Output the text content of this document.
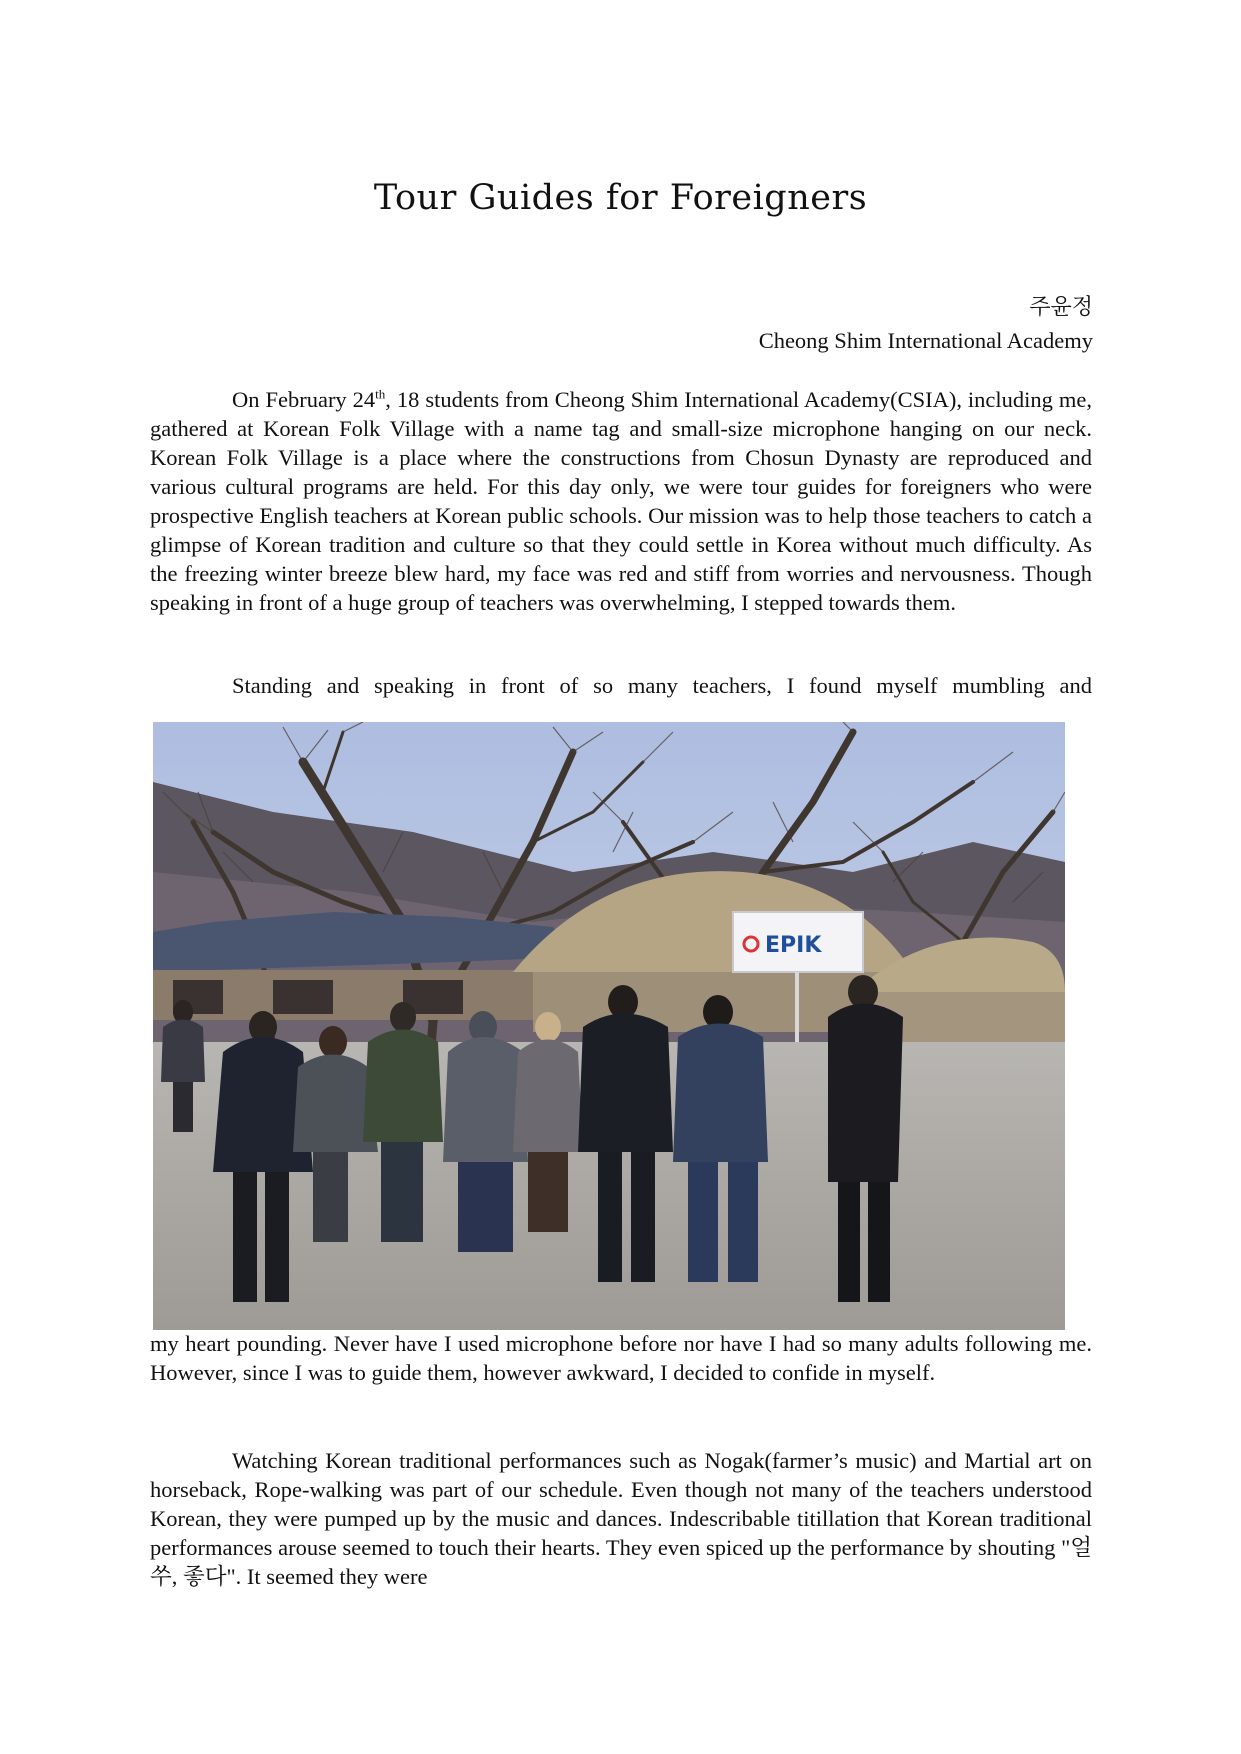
Tour Guides for Foreigners
주윤정
Cheong Shim International Academy

On February 24th, 18 students from Cheong Shim International Academy(CSIA), including me, gathered at Korean Folk Village with a name tag and small-size microphone hanging on our neck. Korean Folk Village is a place where the constructions from Chosun Dynasty are reproduced and various cultural programs are held. For this day only, we were tour guides for foreigners who were prospective English teachers at Korean public schools. Our mission was to help those teachers to catch a glimpse of Korean tradition and culture so that they could settle in Korea without much difficulty. As the freezing winter breeze blew hard, my face was red and stiff from worries and nervousness. Though speaking in front of a huge group of teachers was overwhelming, I stepped towards them.

Standing and speaking in front of so many teachers, I found myself mumbling and

EPIK

my heart pounding. Never have I used microphone before nor have I had so many adults following me. However, since I was to guide them, however awkward, I decided to confide in myself.

Watching Korean traditional performances such as Nogak(farmer’s music) and Martial art on horseback, Rope-walking was part of our schedule. Even though not many of the teachers understood Korean, they were pumped up by the music and dances. Indescribable titillation that Korean traditional performances arouse seemed to touch their hearts. They even spiced up the performance by shouting "얼쑤, 좋다". It seemed they were
